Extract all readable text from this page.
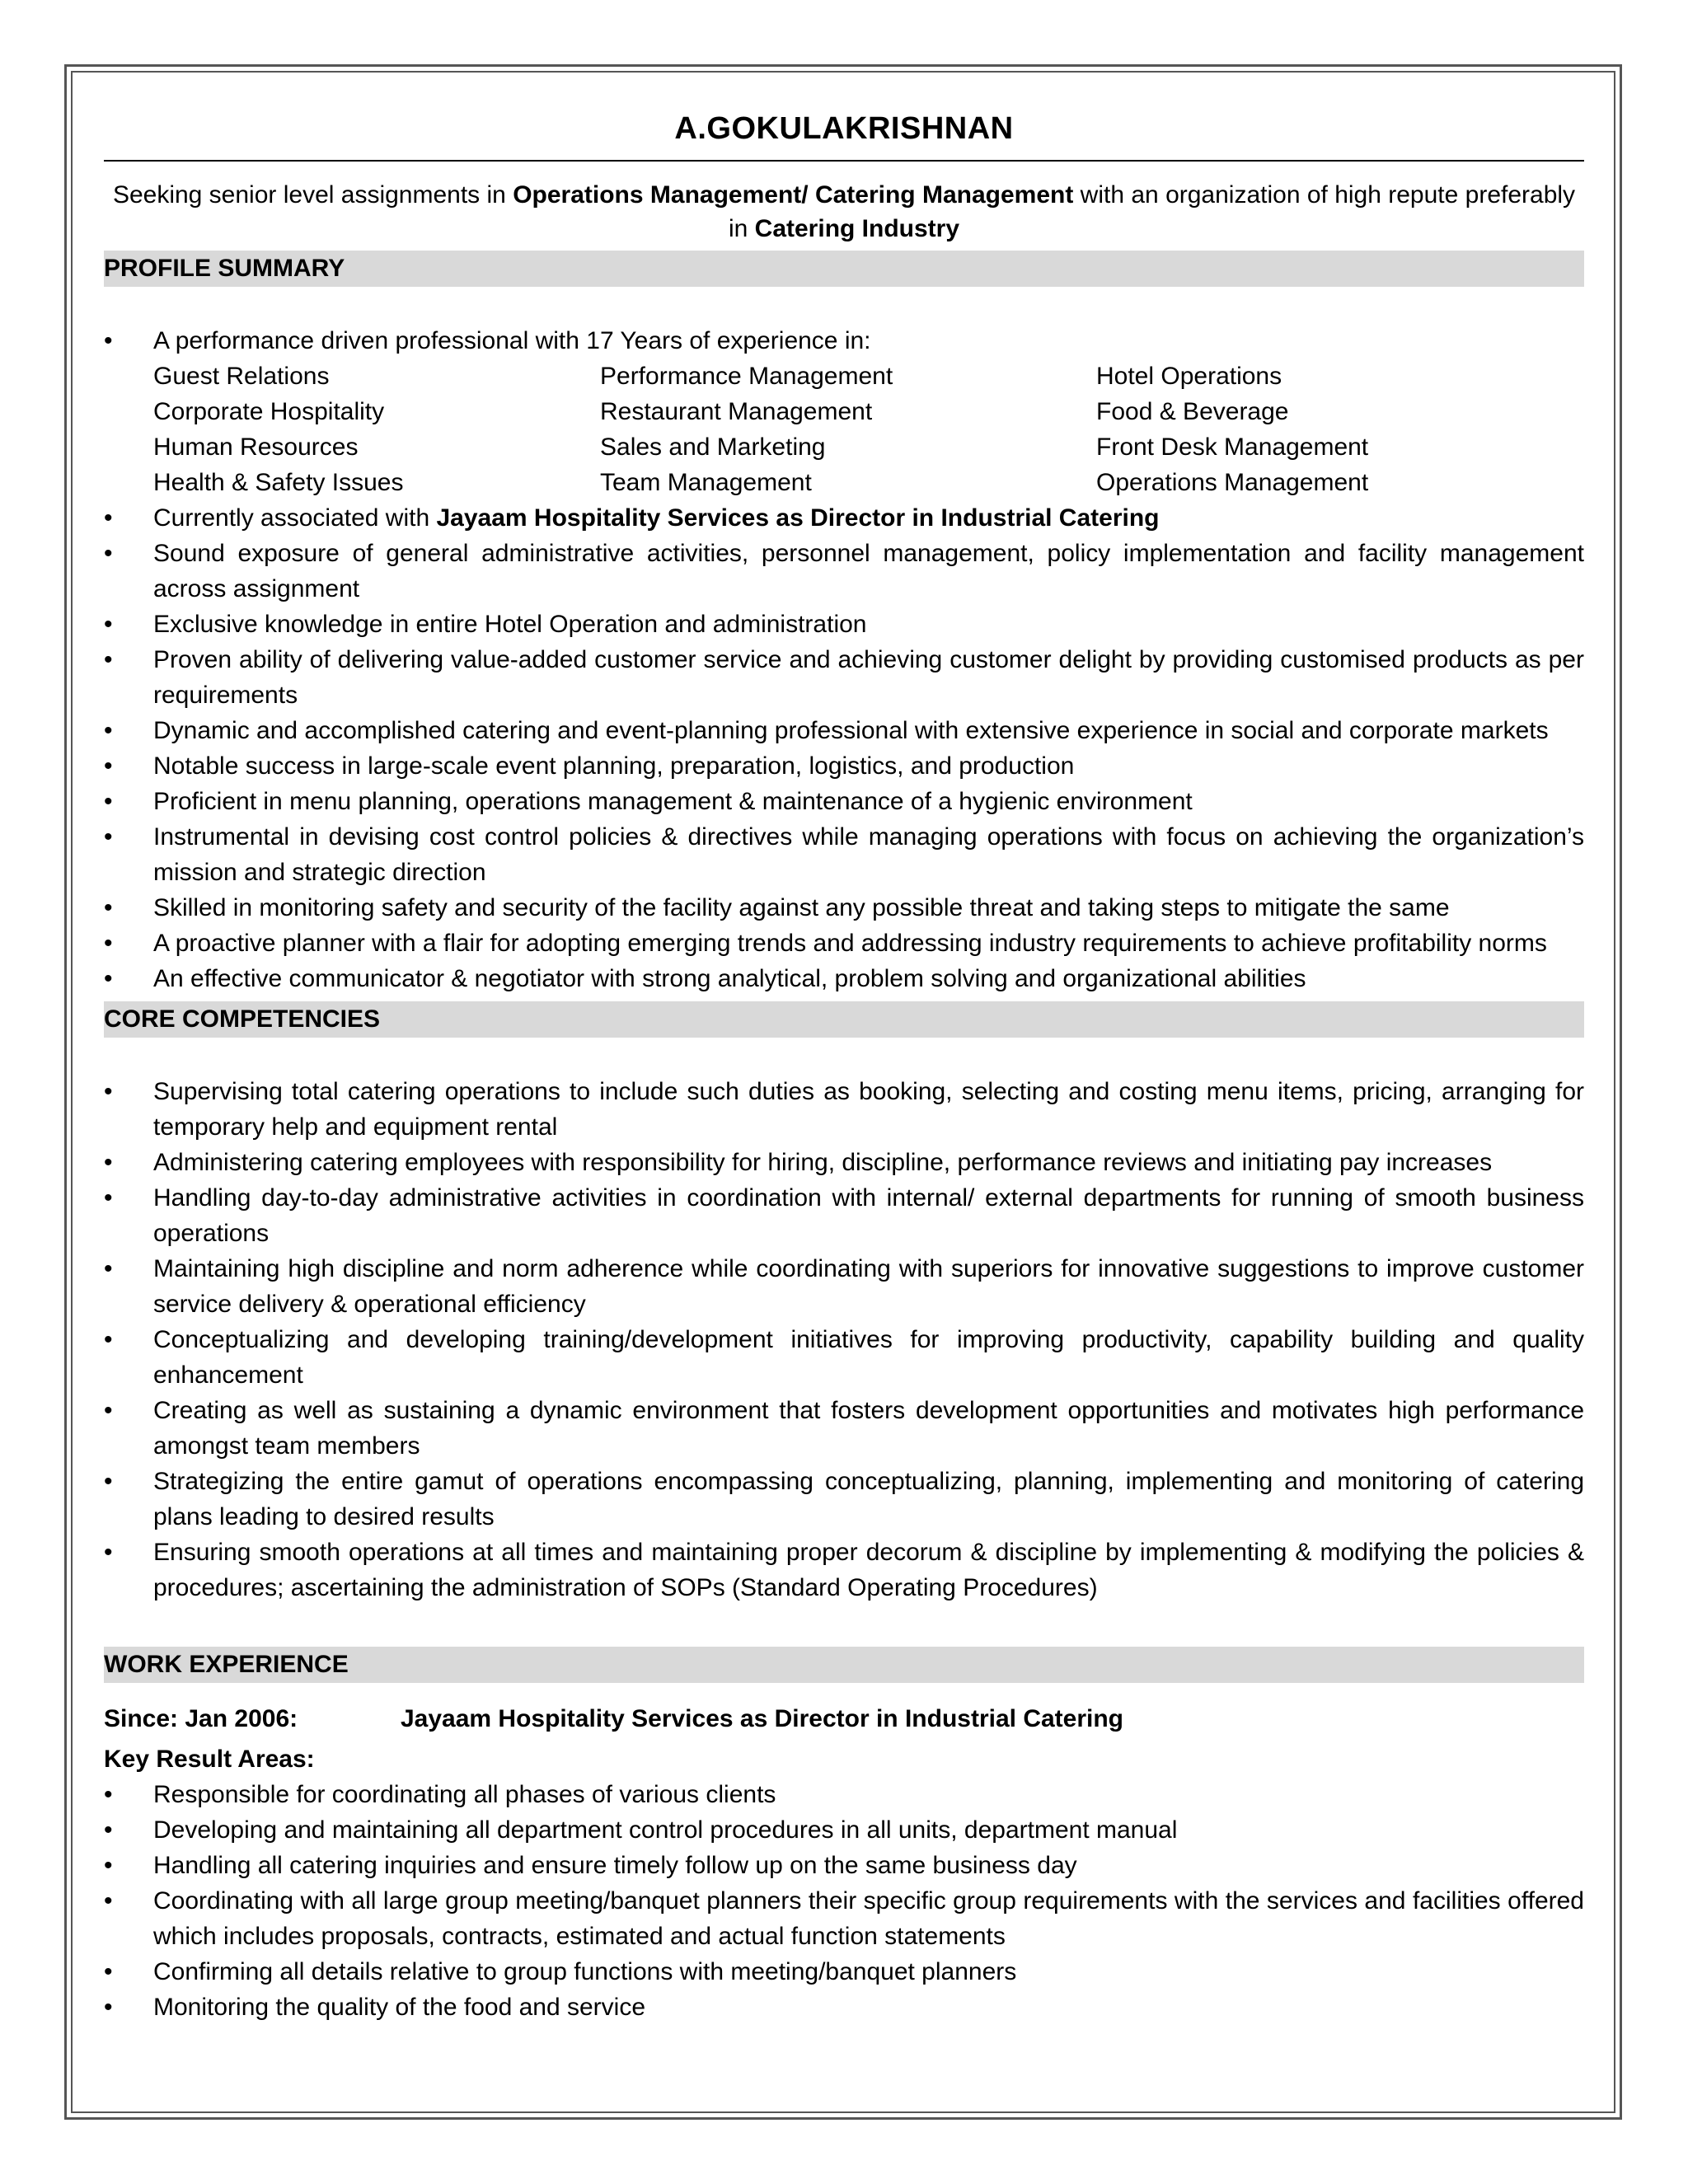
A.GOKULAKRISHNAN
Seeking senior level assignments in Operations Management/ Catering Management with an organization of high repute preferably in Catering Industry
PROFILE SUMMARY
• A performance driven professional with 17 Years of experience in:
Guest Relations	Performance Management	Hotel Operations
Corporate Hospitality	Restaurant Management	Food & Beverage
Human Resources	Sales and Marketing	Front Desk Management
Health & Safety Issues	Team Management	Operations Management
• Currently associated with Jayaam Hospitality Services as Director in Industrial Catering
• Sound exposure of general administrative activities, personnel management, policy implementation and facility management across assignment
• Exclusive knowledge in entire Hotel Operation and administration
• Proven ability of delivering value-added customer service and achieving customer delight by providing customised products as per requirements
• Dynamic and accomplished catering and event-planning professional with extensive experience in social and corporate markets
• Notable success in large-scale event planning, preparation, logistics, and production
• Proficient in menu planning, operations management & maintenance of a hygienic environment
• Instrumental in devising cost control policies & directives while managing operations with focus on achieving the organization’s mission and strategic direction
• Skilled in monitoring safety and security of the facility against any possible threat and taking steps to mitigate the same
• A proactive planner with a flair for adopting emerging trends and addressing industry requirements to achieve profitability norms
• An effective communicator & negotiator with strong analytical, problem solving and organizational abilities
CORE COMPETENCIES
• Supervising total catering operations to include such duties as booking, selecting and costing menu items, pricing, arranging for temporary help and equipment rental
• Administering catering employees with responsibility for hiring, discipline, performance reviews and initiating pay increases
• Handling day-to-day administrative activities in coordination with internal/ external departments for running of smooth business operations
• Maintaining high discipline and norm adherence while coordinating with superiors for innovative suggestions to improve customer service delivery & operational efficiency
• Conceptualizing and developing training/development initiatives for improving productivity, capability building and quality enhancement
• Creating as well as sustaining a dynamic environment that fosters development opportunities and motivates high performance amongst team members
• Strategizing the entire gamut of operations encompassing conceptualizing, planning, implementing and monitoring of catering plans leading to desired results
• Ensuring smooth operations at all times and maintaining proper decorum & discipline by implementing & modifying the policies & procedures; ascertaining the administration of SOPs (Standard Operating Procedures)
WORK EXPERIENCE
Since: Jan 2006:	Jayaam Hospitality Services as Director in Industrial Catering
Key Result Areas:
• Responsible for coordinating all phases of various clients
• Developing and maintaining all department control procedures in all units, department manual
• Handling all catering inquiries and ensure timely follow up on the same business day
• Coordinating with all large group meeting/banquet planners their specific group requirements with the services and facilities offered which includes proposals, contracts, estimated and actual function statements
• Confirming all details relative to group functions with meeting/banquet planners
• Monitoring the quality of the food and service
